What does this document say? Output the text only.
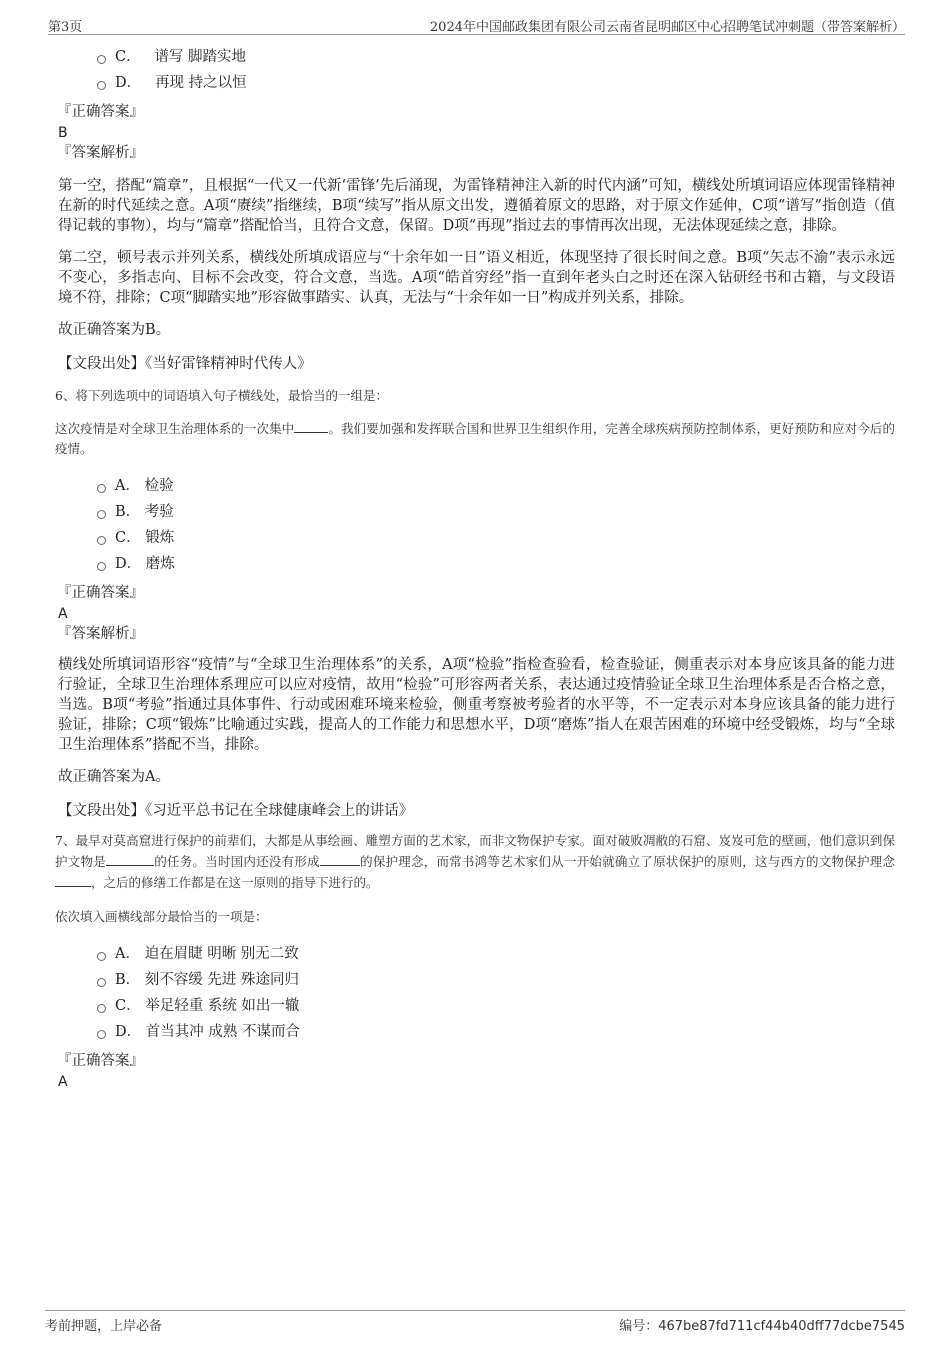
第3页	2024年中国邮政集团有限公司云南省昆明邮区中心招聘笔试冲刺题（带答案解析）
C． 谱写 脚踏实地
D． 再现 持之以恒
『正确答案』
B
『答案解析』

第一空，搭配“篇章”，且根据“一代又一代新‘雷锋’先后涌现，为雷锋精神注入新的时代内涵”可知，横线处所填词语应体现雷锋精神在新的时代延续之意。A项“赓续”指继续，B项“续写”指从原文出发，遵循着原文的思路，对于原文作延伸，C项“谱写”指创造（值得记载的事物），均与“篇章”搭配恰当，且符合文意，保留。D项“再现”指过去的事情再次出现，无法体现延续之意，排除。

第二空，顿号表示并列关系，横线处所填成语应与“十余年如一日”语义相近，体现坚持了很长时间之意。B项“矢志不渝”表示永远不变心，多指志向、目标不会改变，符合文意，当选。A项“皓首穷经”指一直到年老头白之时还在深入钻研经书和古籍，与文段语境不符，排除；C项“脚踏实地”形容做事踏实、认真，无法与“十余年如一日”构成并列关系，排除。

故正确答案为B。

【文段出处】《当好雷锋精神时代传人》
6、将下列选项中的词语填入句子横线处，最恰当的一组是：
这次疫情是对全球卫生治理体系的一次集中	。我们要加强和发挥联合国和世界卫生组织作用，完善全球疾病预防控制体系，更好预防和应对今后的疫情。
A． 检验
B． 考验
C． 锻炼
D． 磨炼
『正确答案』
A
『答案解析』

横线处所填词语形容“疫情”与“全球卫生治理体系”的关系，A项“检验”指检查验看，检查验证，侧重表示对本身应该具备的能力进行验证，全球卫生治理体系理应可以应对疫情，故用“检验”可形容两者关系，表达通过疫情验证全球卫生治理体系是否合格之意，当选。B项“考验”指通过具体事件、行动或困难环境来检验，侧重考察被考验者的水平等，不一定表示对本身应该具备的能力进行验证，排除；C项“锻炼”比喻通过实践，提高人的工作能力和思想水平，D项“磨炼”指人在艰苦困难的环境中经受锻炼，均与“全球卫生治理体系”搭配不当，排除。

故正确答案为A。

【文段出处】《习近平总书记在全球健康峰会上的讲话》
7、最早对莫高窟进行保护的前辈们，大都是从事绘画、雕塑方面的艺术家，而非文物保护专家。面对破败凋敝的石窟、岌岌可危的壁画，他们意识到保护文物是	的任务。当时国内还没有形成	的保护理念，而常书鸿等艺术家们从一开始就确立了原状保护的原则，这与西方的文物保护理念，之后的修缮工作都是在这一原则的指导下进行的。
依次填入画横线部分最恰当的一项是：
A． 迫在眉睫 明晰 别无二致
B． 刻不容缓 先进 殊途同归
C． 举足轻重 系统 如出一辙
D． 首当其冲 成熟 不谋而合
『正确答案』
A
考前押题，上岸必备	编号：467be87fd711cf44b40dff77dcbe7545
